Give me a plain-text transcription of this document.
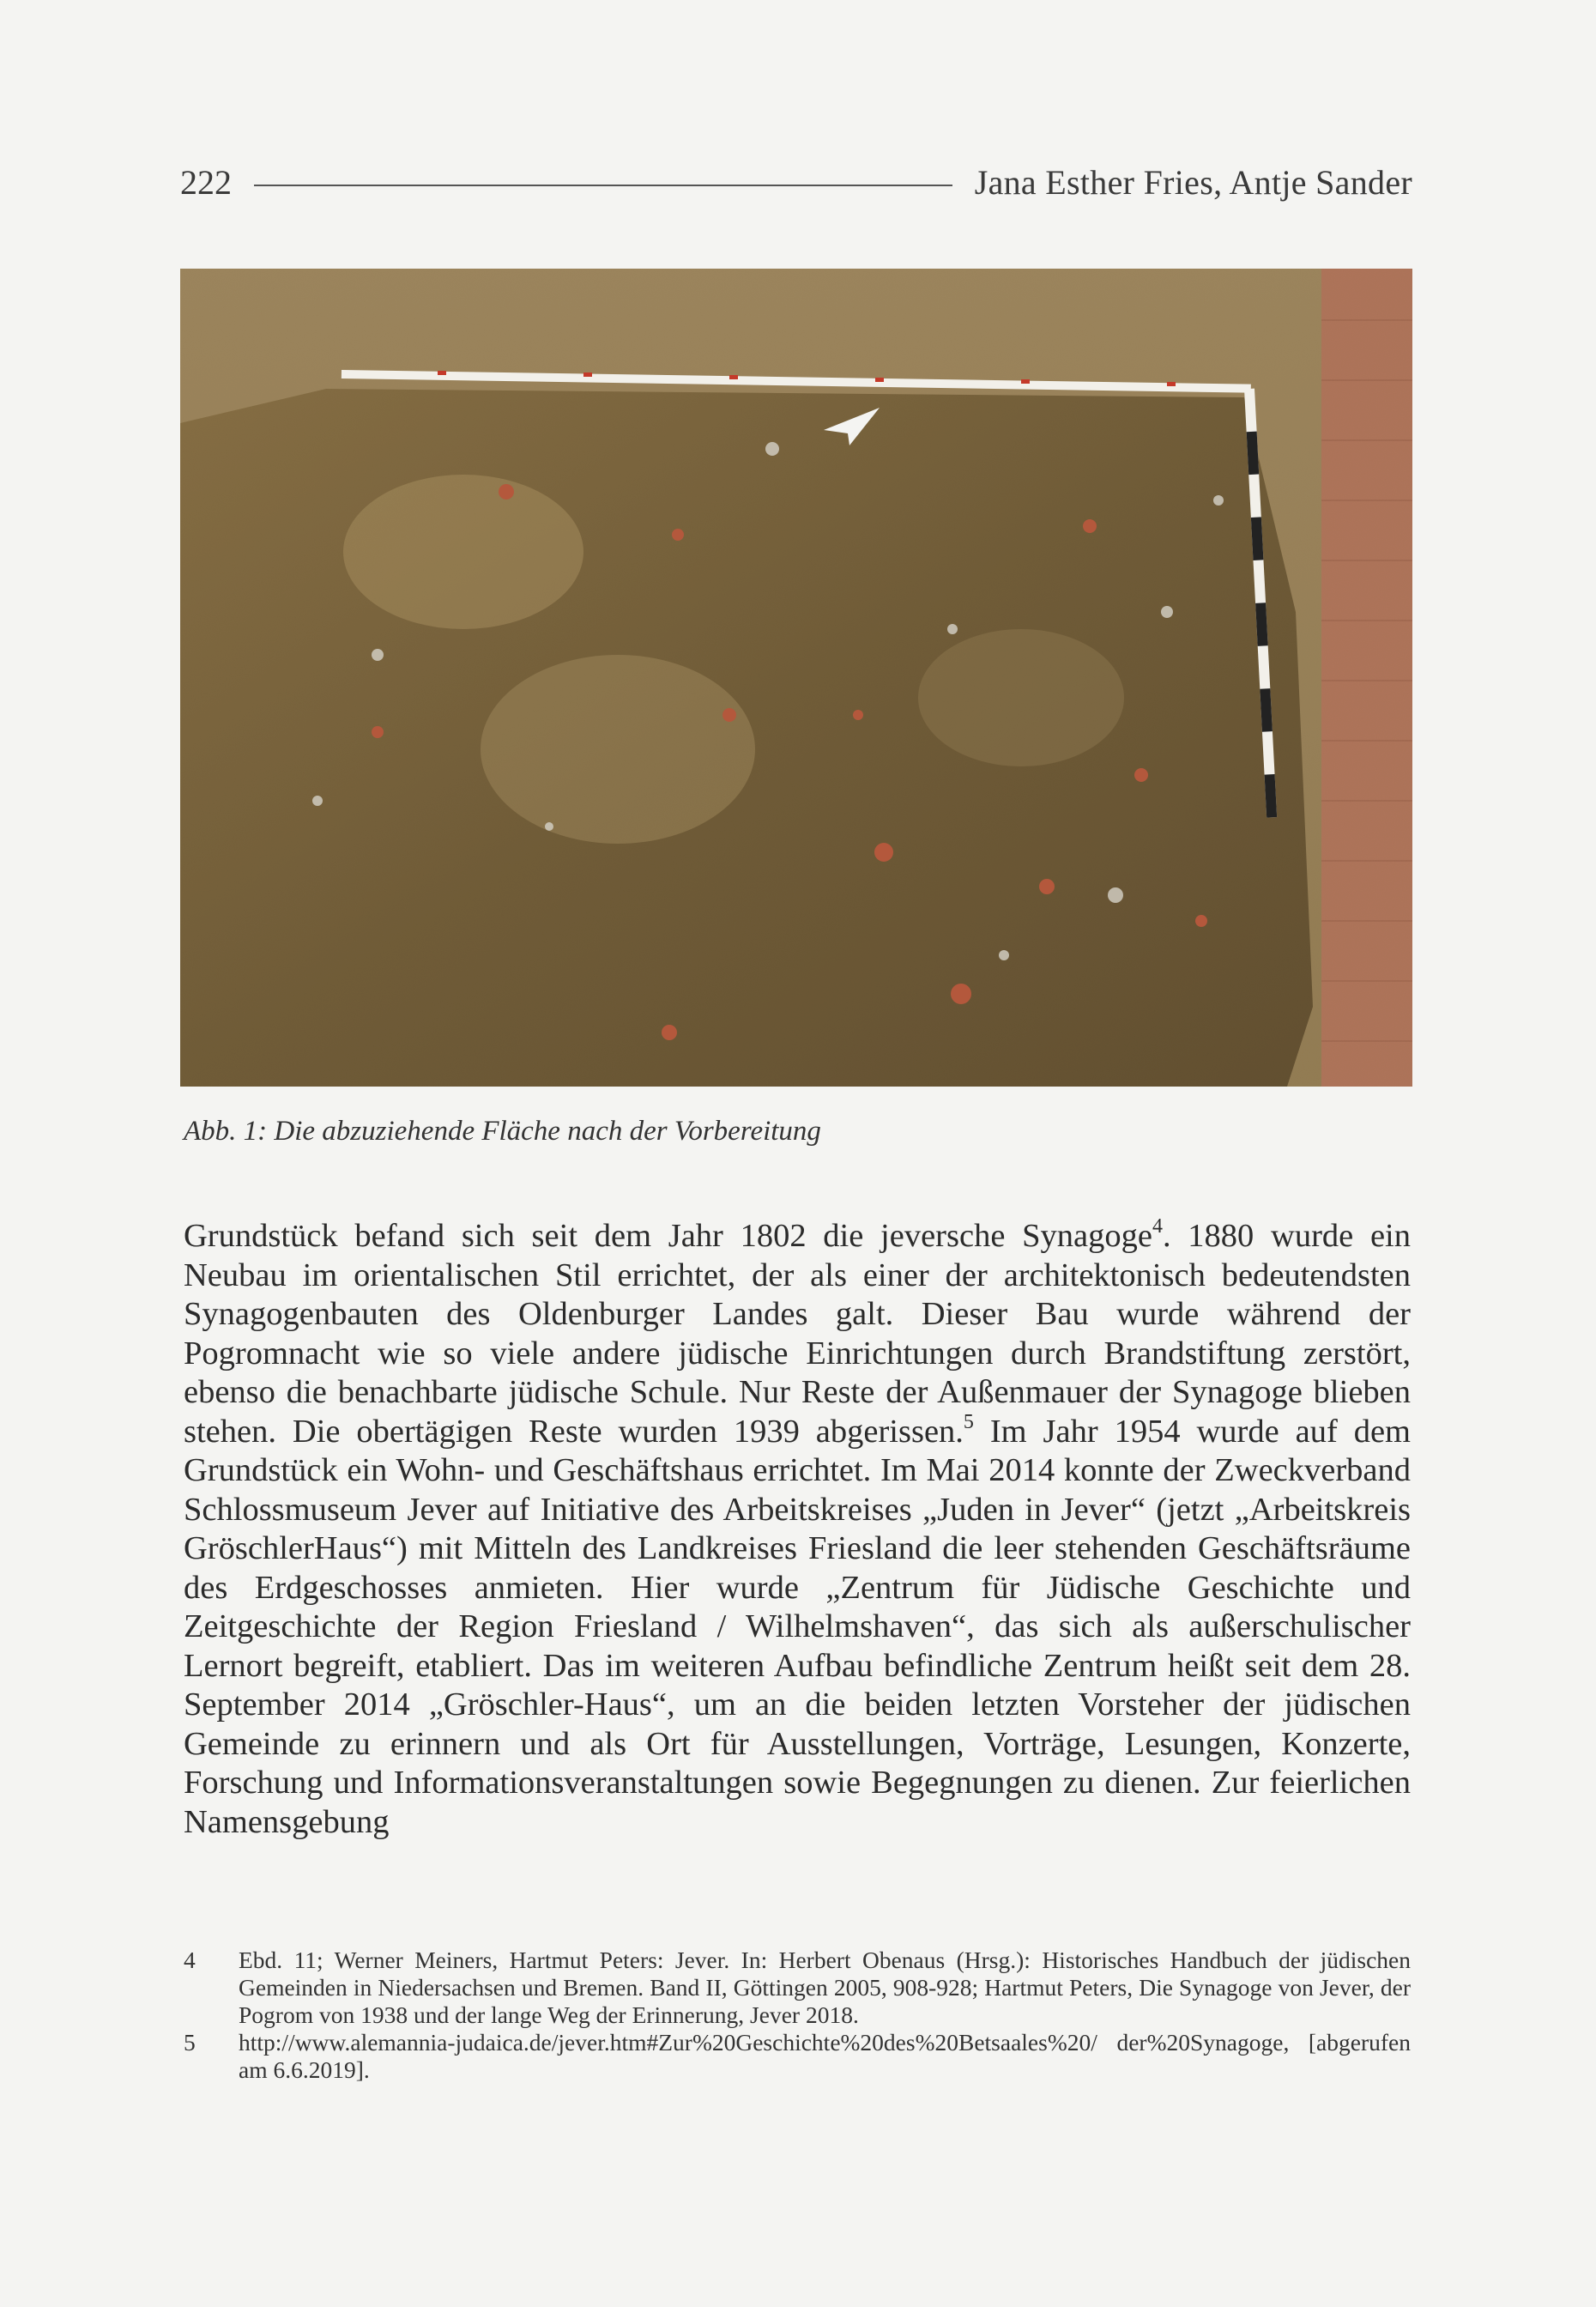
222	Jana Esther Fries, Antje Sander
Abb. 1: Die abzuziehende Fläche nach der Vorbereitung

Grundstück befand sich seit dem Jahr 1802 die jeversche Synagoge$^4$. 1880 wurde ein Neubau im orientalischen Stil errichtet, der als einer der architektonisch bedeutendsten Synagogenbauten des Oldenburger Landes galt. Dieser Bau wurde während der Pogromnacht wie so viele andere jüdische Einrichtungen durch Brandstiftung zerstört, ebenso die benachbarte jüdische Schule. Nur Reste der Außenmauer der Synagoge blieben stehen. Die obertägigen Reste wurden 1939 abgerissen.$^5$ Im Jahr 1954 wurde auf dem Grundstück ein Wohn- und Geschäftshaus errichtet. Im Mai 2014 konnte der Zweckverband Schlossmuseum Jever auf Initiative des Arbeitskreises „Juden in Jever“ (jetzt „Arbeitskreis GröschlerHaus“) mit Mitteln des Landkreises Friesland die leer stehenden Geschäftsräume des Erdgeschosses anmieten. Hier wurde „Zentrum für Jüdische Geschichte und Zeitgeschichte der Region Friesland / Wilhelmshaven“, das sich als außerschulischer Lernort begreift, etabliert. Das im weiteren Aufbau befindliche Zentrum heißt seit dem 28. September 2014 „Gröschler-Haus“, um an die beiden letzten Vorsteher der jüdischen Gemeinde zu erinnern und als Ort für Ausstellungen, Vorträge, Lesungen, Konzerte, Forschung und Informationsveranstaltungen sowie Begegnungen zu dienen. Zur feierlichen Namensgebung

4	Ebd. 11; Werner Meiners, Hartmut Peters: Jever. In: Herbert Obenaus (Hrsg.): Historisches Handbuch der jüdischen Gemeinden in Niedersachsen und Bremen. Band II, Göttingen 2005, 908-928; Hartmut Peters, Die Synagoge von Jever, der Pogrom von 1938 und der lange Weg der Erinnerung, Jever 2018.
5	http://www.alemannia-judaica.de/jever.htm#Zur%20Geschichte%20des%20Betsaales%20/ der%20Synagoge, [abgerufen am 6.6.2019].
